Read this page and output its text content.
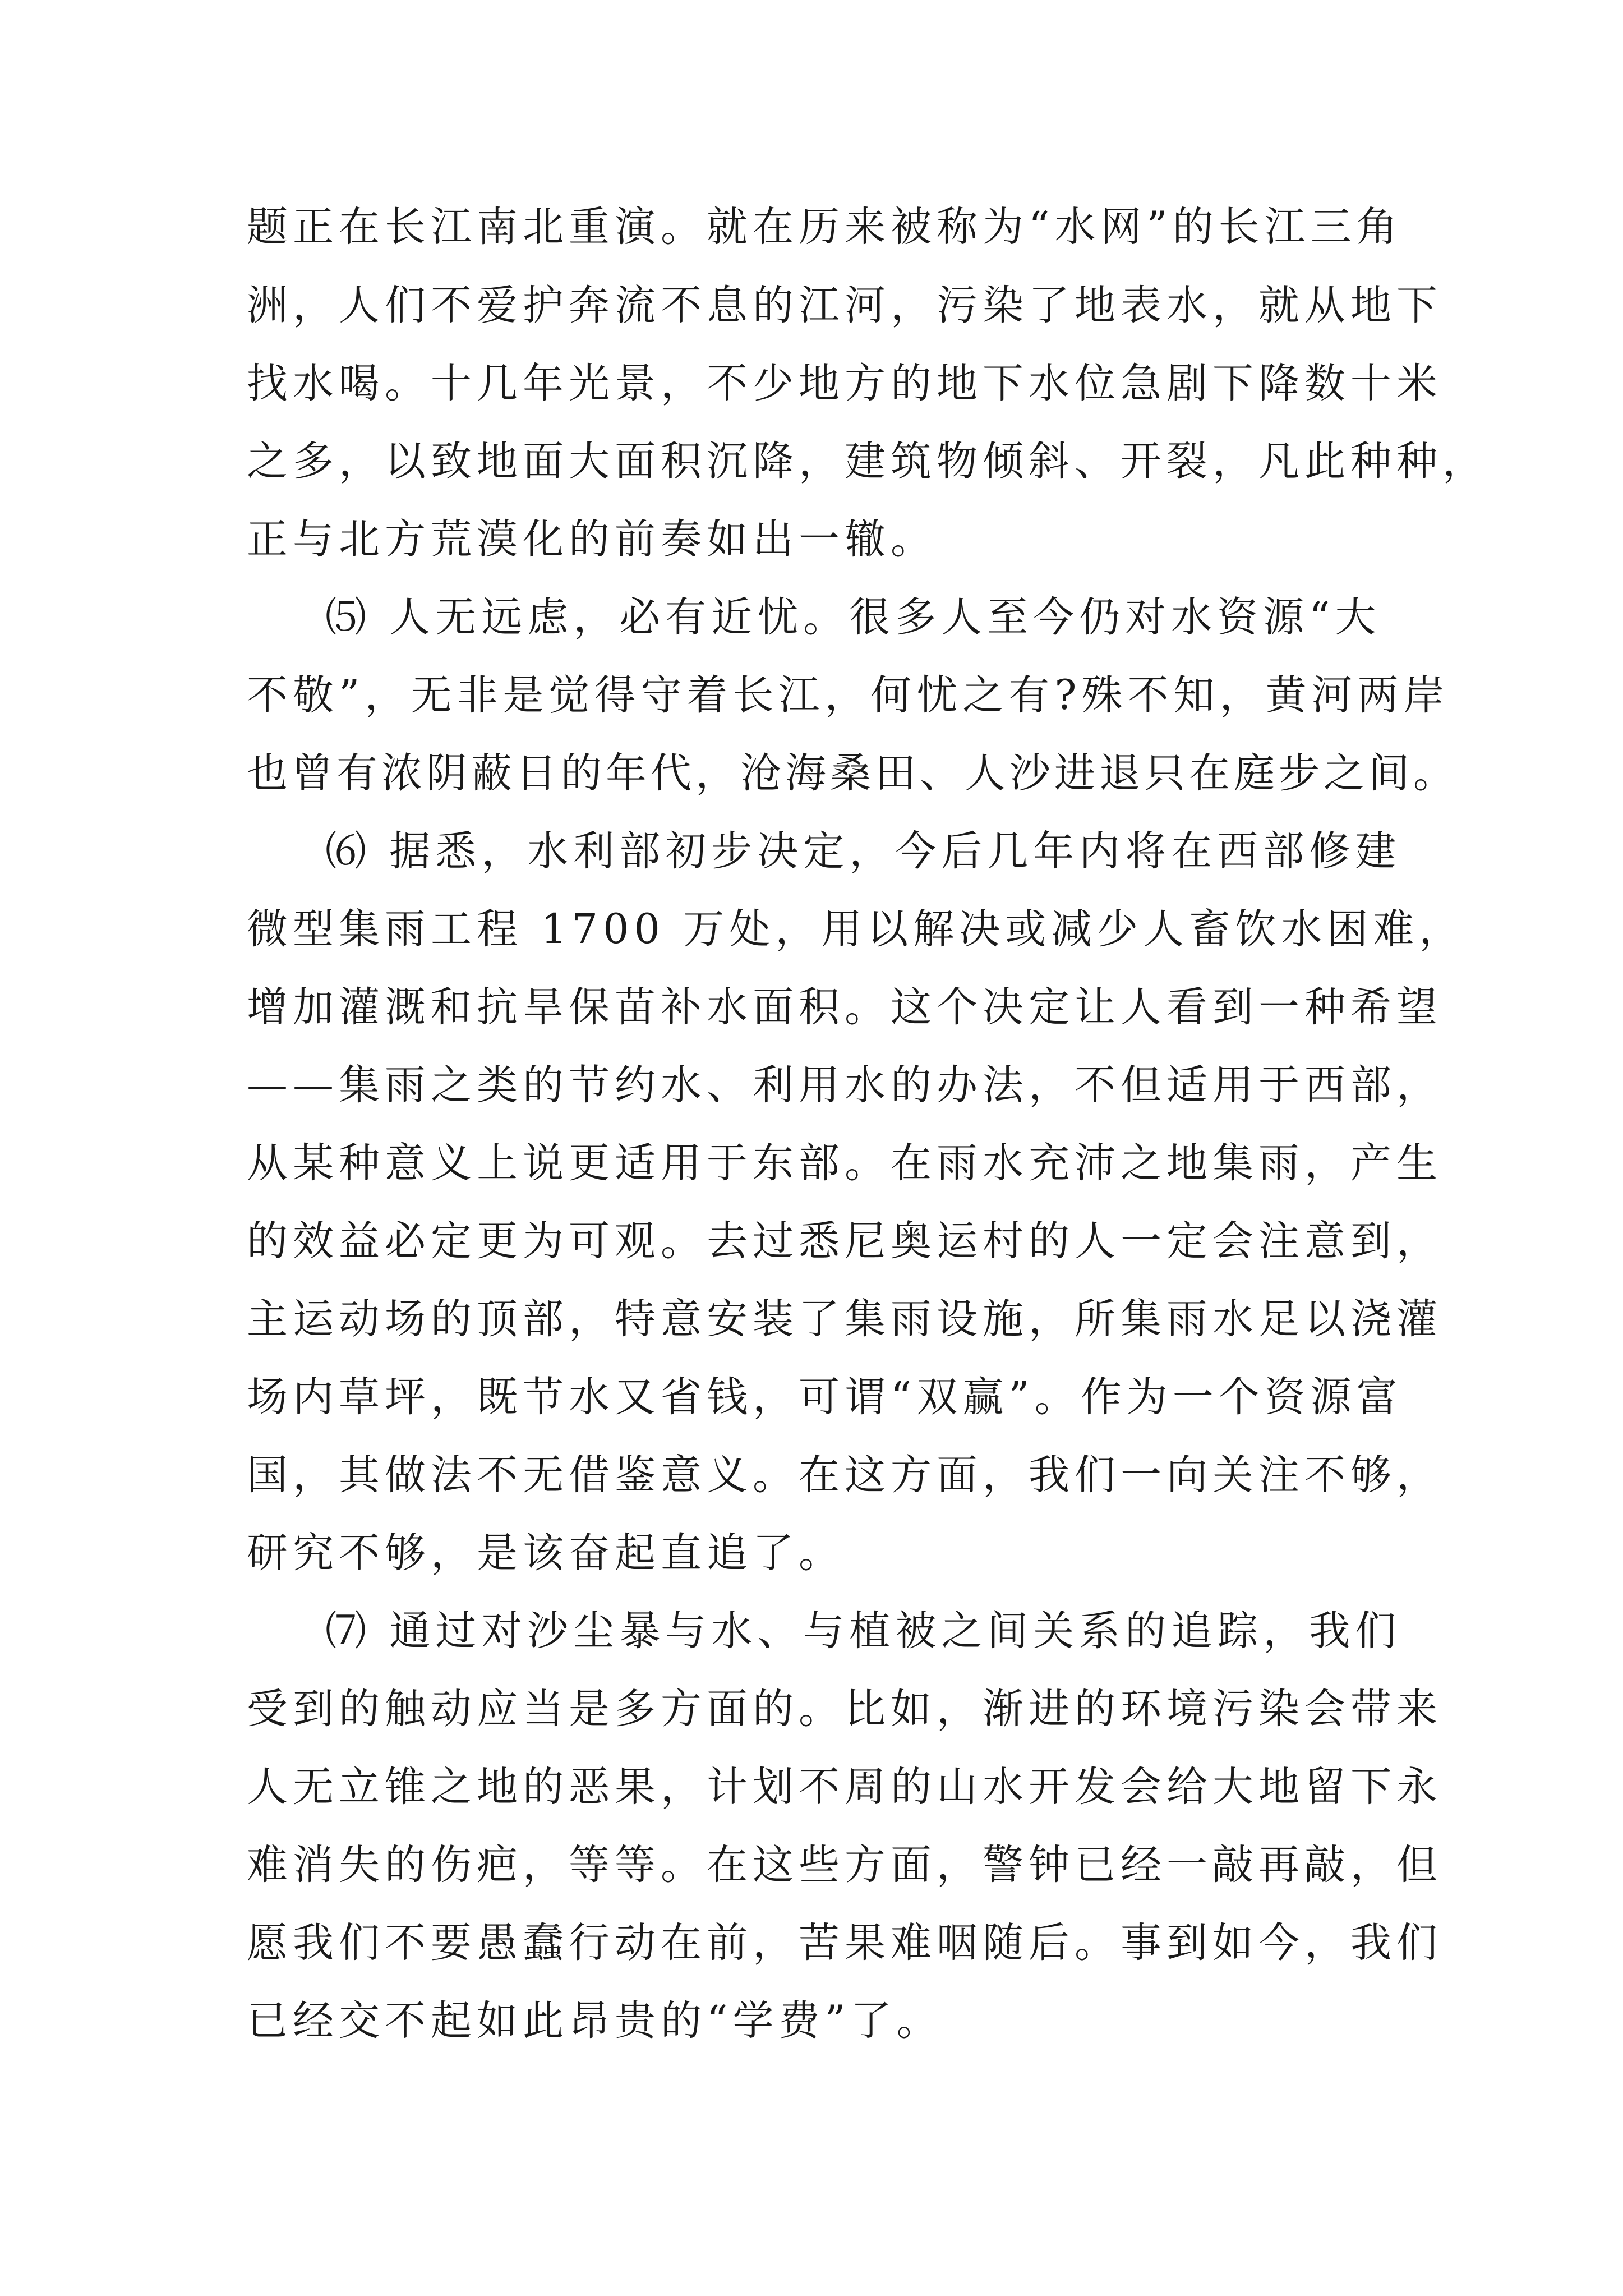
题正在长江南北重演。就在历来被称为“水网”的长江三角
洲，人们不爱护奔流不息的江河，污染了地表水，就从地下
找水喝。十几年光景，不少地方的地下水位急剧下降数十米
之多，以致地面大面积沉降，建筑物倾斜、开裂，凡此种种，
正与北方荒漠化的前奏如出一辙。
⑸ 人无远虑，必有近忧。很多人至今仍对水资源“大
不敬”，无非是觉得守着长江，何忧之有?殊不知，黄河两岸
也曾有浓阴蔽日的年代，沧海桑田、人沙进退只在庭步之间。
⑹ 据悉，水利部初步决定，今后几年内将在西部修建
微型集雨工程 1700 万处，用以解决或减少人畜饮水困难，
增加灌溉和抗旱保苗补水面积。这个决定让人看到一种希望
——集雨之类的节约水、利用水的办法，不但适用于西部，
从某种意义上说更适用于东部。在雨水充沛之地集雨，产生
的效益必定更为可观。去过悉尼奥运村的人一定会注意到，
主运动场的顶部，特意安装了集雨设施，所集雨水足以浇灌
场内草坪，既节水又省钱，可谓“双赢”。作为一个资源富
国，其做法不无借鉴意义。在这方面，我们一向关注不够，
研究不够，是该奋起直追了。
⑺ 通过对沙尘暴与水、与植被之间关系的追踪，我们
受到的触动应当是多方面的。比如，渐进的环境污染会带来
人无立锥之地的恶果，计划不周的山水开发会给大地留下永
难消失的伤疤，等等。在这些方面，警钟已经一敲再敲，但
愿我们不要愚蠢行动在前，苦果难咽随后。事到如今，我们
已经交不起如此昂贵的“学费”了。
